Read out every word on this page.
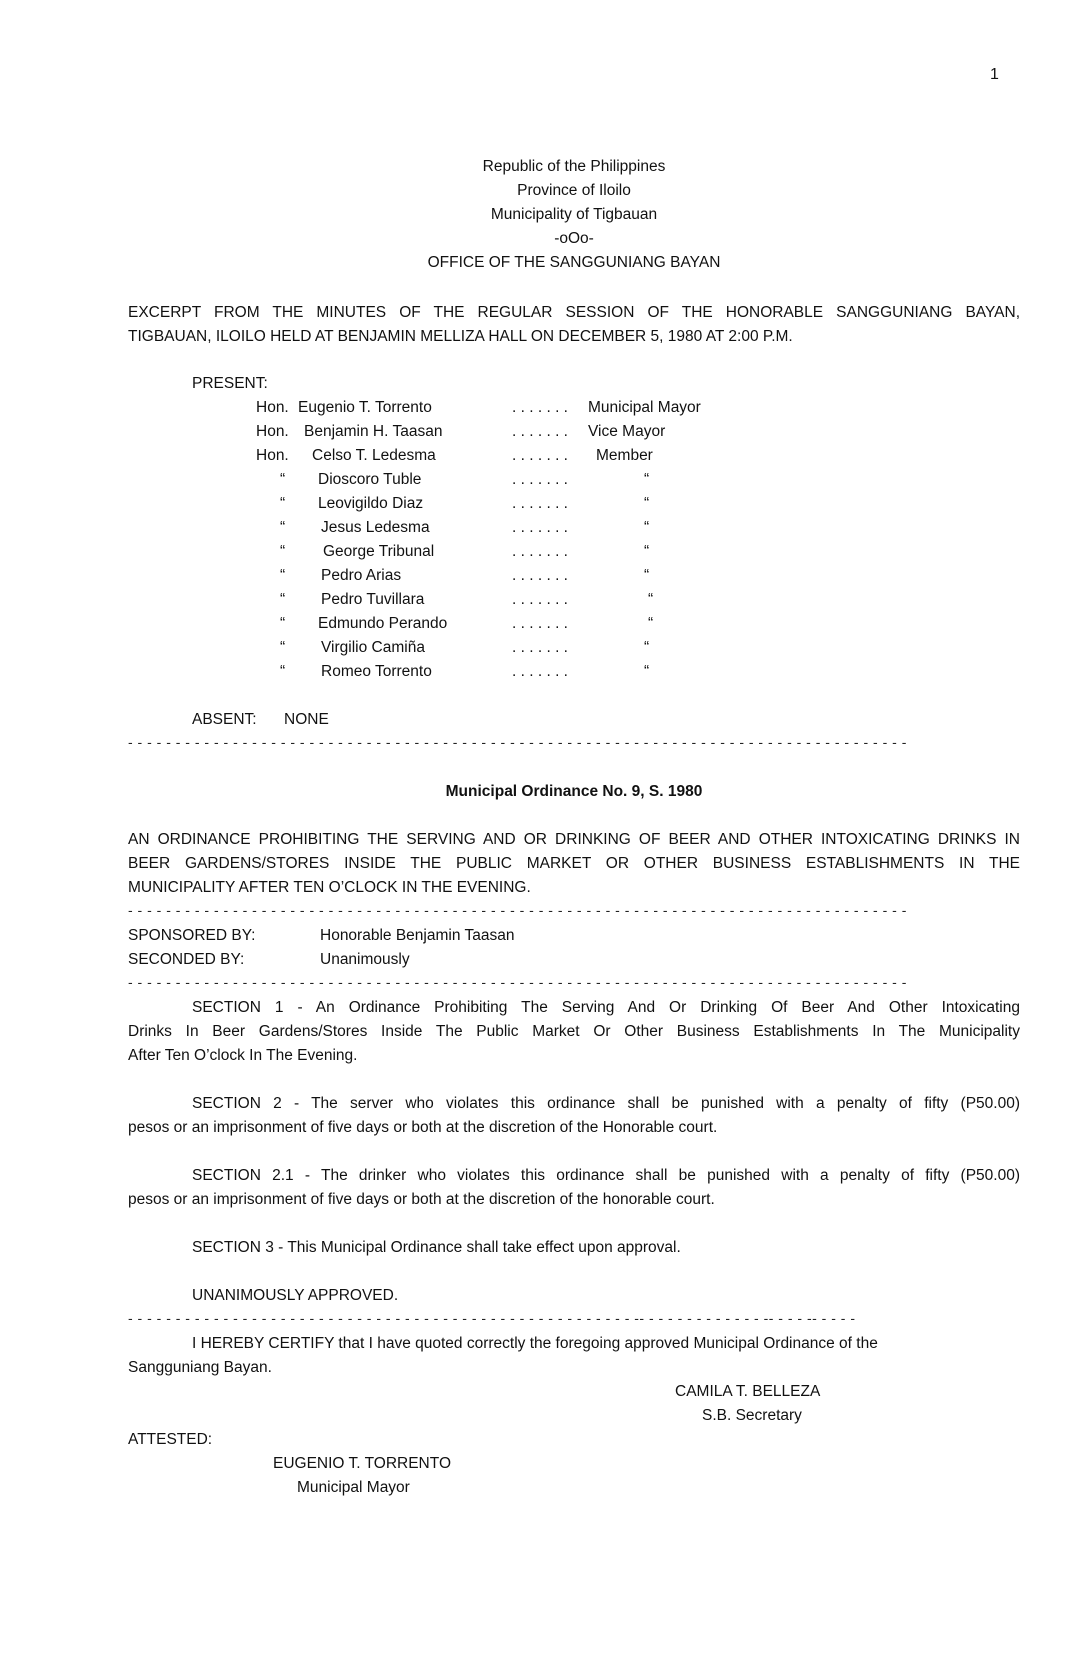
1
Republic of the Philippines
Province of Iloilo
Municipality of Tigbauan
-oOo-
OFFICE OF THE SANGGUNIANG BAYAN
EXCERPT FROM THE MINUTES OF THE REGULAR SESSION OF THE HONORABLE SANGGUNIANG BAYAN,
TIGBAUAN, ILOILO HELD AT BENJAMIN MELLIZA HALL ON DECEMBER 5, 1980 AT 2:00 P.M.
PRESENT:
Hon. Eugenio T. Torrento	. . . . . . . Municipal Mayor
Hon. Benjamin H. Taasan	. . . . . . . Vice Mayor
Hon. Celso T. Ledesma	. . . . . . . Member
“ Dioscoro Tuble	. . . . . . .	“
“ Leovigildo Diaz	. . . . . . .	“
“ Jesus Ledesma	. . . . . . .	“
“ George Tribunal	. . . . . . .	“
“ Pedro Arias	. . . . . . .	“
“ Pedro Tuvillara	. . . . . . .	“
“ Edmundo Perando	. . . . . . .	“
“ Virgilio Camiña	. . . . . . .	“
“ Romeo Torrento	. . . . . . .	“
ABSENT: NONE
- - - - - - - - - - - - - - - - - - - - - - - - - - - - - - - - - - - - - - - - - - - - - - - - - - - - - - - - - - - - - - - - - - - - - - - - - - - - - - - - - -
Municipal Ordinance No. 9, S. 1980
AN ORDINANCE PROHIBITING THE SERVING AND OR DRINKING OF BEER AND OTHER INTOXICATING DRINKS IN
BEER GARDENS/STORES INSIDE THE PUBLIC MARKET OR OTHER BUSINESS ESTABLISHMENTS IN THE
MUNICIPALITY AFTER TEN O’CLOCK IN THE EVENING.
- - - - - - - - - - - - - - - - - - - - - - - - - - - - - - - - - - - - - - - - - - - - - - - - - - - - - - - - - - - - - - - - - - - - - - - - - - - - - - - - - -
SPONSORED BY:	Honorable Benjamin Taasan
SECONDED BY:	Unanimously
- - - - - - - - - - - - - - - - - - - - - - - - - - - - - - - - - - - - - - - - - - - - - - - - - - - - - - - - - - - - - - - - - - - - - - - - - - - - - - - - - -
SECTION 1 - An Ordinance Prohibiting The Serving And Or Drinking Of Beer And Other Intoxicating
Drinks In Beer Gardens/Stores Inside The Public Market Or Other Business Establishments In The Municipality
After Ten O’clock In The Evening.
SECTION 2 - The server who violates this ordinance shall be punished with a penalty of fifty (P50.00)
pesos or an imprisonment of five days or both at the discretion of the Honorable court.
SECTION 2.1 - The drinker who violates this ordinance shall be punished with a penalty of fifty (P50.00)
pesos or an imprisonment of five days or both at the discretion of the honorable court.
SECTION 3 - This Municipal Ordinance shall take effect upon approval.
UNANIMOUSLY APPROVED.
- - - - - - - - - - - - - - - - - - - - - - - - - - - - - - - - - - - - - - - - - - - - - - - - - - - - - -- - - - - - - - - - - - - -- - - - -- - - - -
I HEREBY CERTIFY that I have quoted correctly the foregoing approved Municipal Ordinance of the
Sangguniang Bayan.
CAMILA T. BELLEZA
S.B. Secretary
ATTESTED:
EUGENIO T. TORRENTO
Municipal Mayor
